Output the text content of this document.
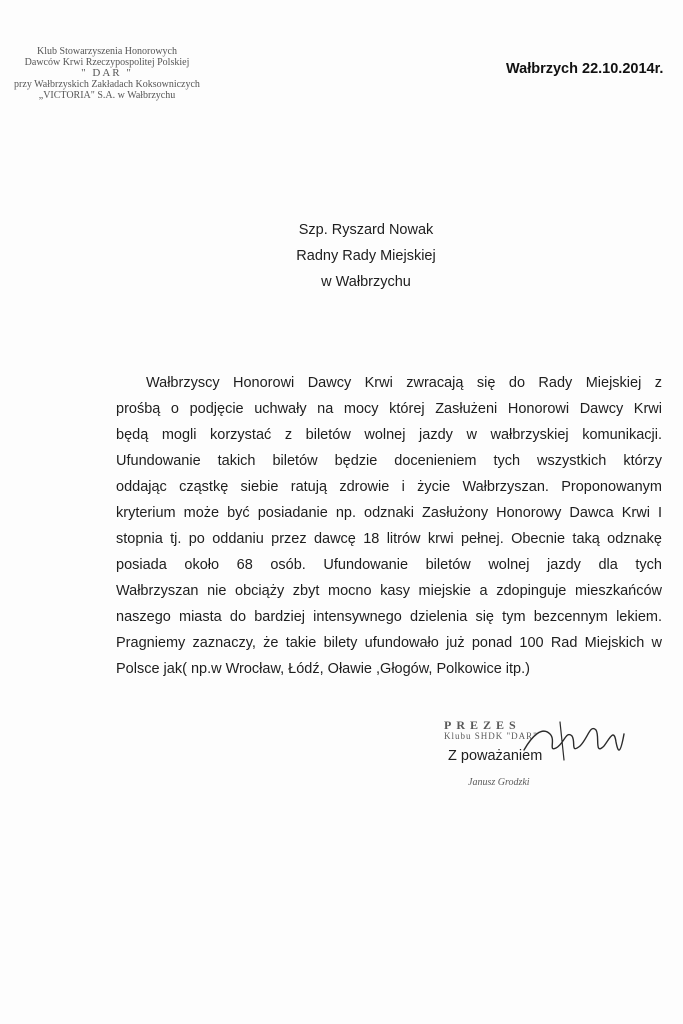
Klub Stowarzyszenia Honorowych
Dawców Krwi Rzeczypospolitej Polskiej
" DAR "
przy Wałbrzyskich Zakładach Koksowniczych
„VICTORIA" S.A. w Wałbrzychu
Wałbrzych 22.10.2014r.
Szp. Ryszard Nowak
Radny Rady Miejskiej
w Wałbrzychu
Wałbrzyscy Honorowi Dawcy Krwi zwracają się do Rady Miejskiej z
prośbą o podjęcie uchwały na mocy której Zasłużeni Honorowi Dawcy Krwi
będą mogli korzystać z biletów wolnej jazdy w wałbrzyskiej komunikacji.
Ufundowanie takich biletów będzie docenieniem tych wszystkich którzy
oddając cząstkę siebie ratują zdrowie i życie Wałbrzyszan. Proponowanym
kryterium może być posiadanie np. odznaki Zasłużony Honorowy Dawca Krwi I
stopnia tj. po oddaniu przez dawcę 18 litrów krwi pełnej. Obecnie taką odznakę
posiada około 68 osób. Ufundowanie biletów wolnej jazdy dla tych
Wałbrzyszan nie obciąży zbyt mocno kasy miejskie a zdopinguje mieszkańców
naszego miasta do bardziej intensywnego dzielenia się tym bezcennym lekiem.
Pragniemy zaznaczy, że takie bilety ufundowało już ponad 100 Rad Miejskich w
Polsce jak( np.w Wrocław, Łódź, Oławie ,Głogów, Polkowice itp.)
PREZES
Klubu SHDK "DAR"
Janusz Grodzki
Z poważaniem
